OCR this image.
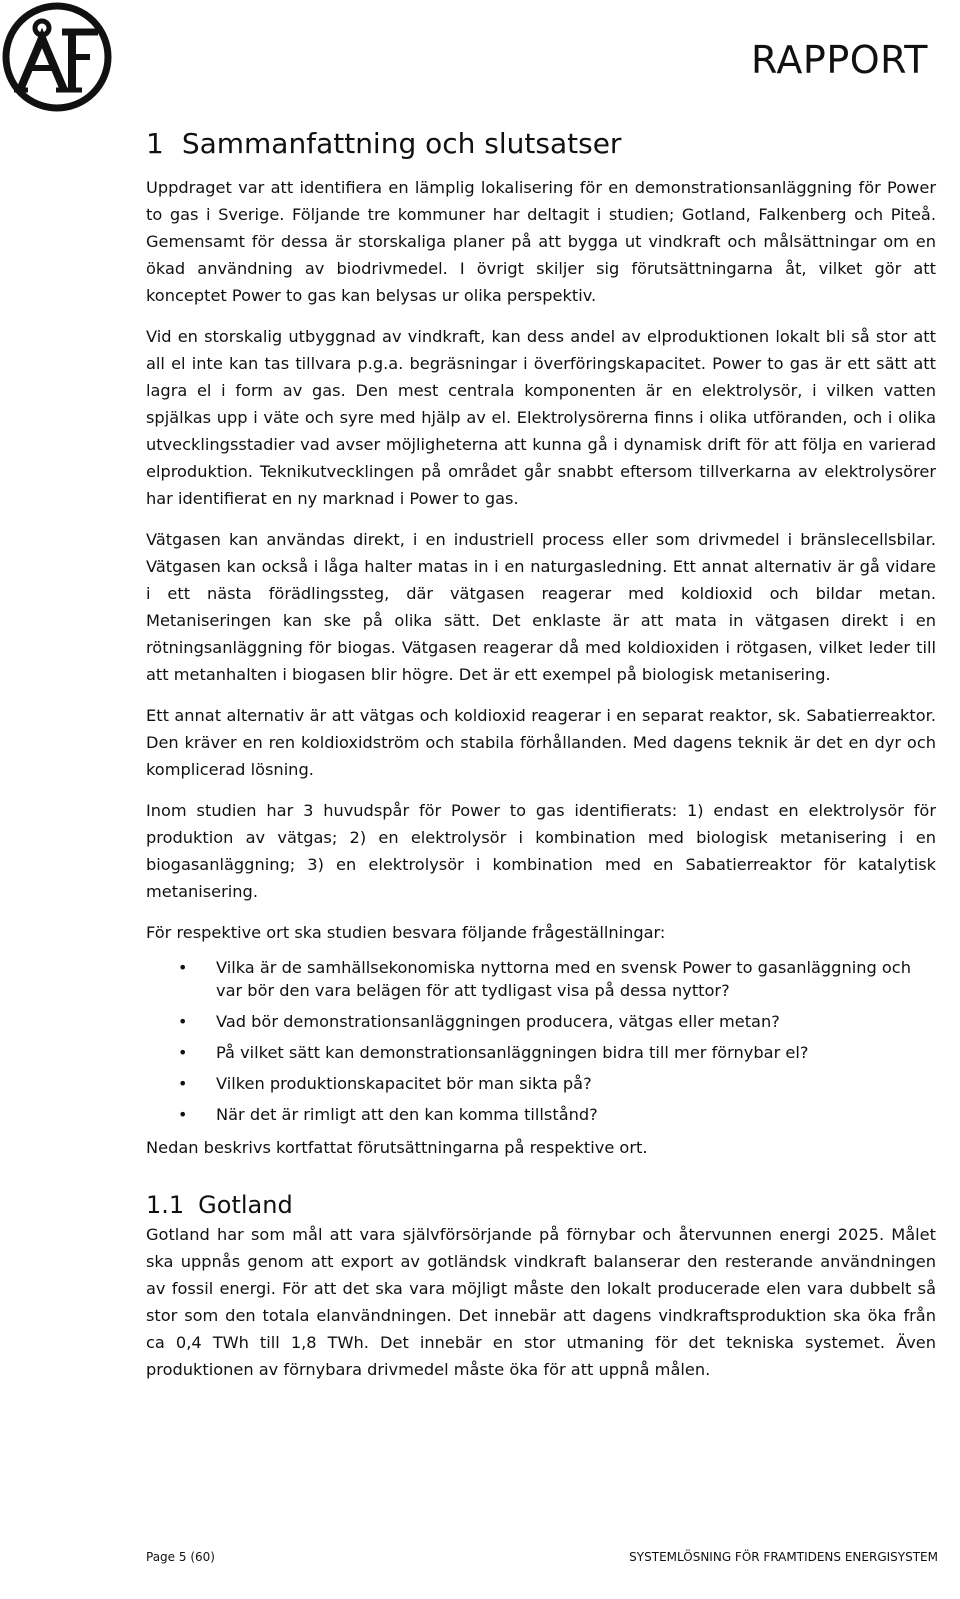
RAPPORT
1 Sammanfattning och slutsatser

Uppdraget var att identifiera en lämplig lokalisering för en demonstrationsanläggning för Power to gas i Sverige. Följande tre kommuner har deltagit i studien; Gotland, Falkenberg och Piteå. Gemensamt för dessa är storskaliga planer på att bygga ut vindkraft och målsättningar om en ökad användning av biodrivmedel. I övrigt skiljer sig förutsättningarna åt, vilket gör att konceptet Power to gas kan belysas ur olika perspektiv.

Vid en storskalig utbyggnad av vindkraft, kan dess andel av elproduktionen lokalt bli så stor att all el inte kan tas tillvara p.g.a. begräsningar i överföringskapacitet. Power to gas är ett sätt att lagra el i form av gas. Den mest centrala komponenten är en elektrolysör, i vilken vatten spjälkas upp i väte och syre med hjälp av el. Elektrolysörerna finns i olika utföranden, och i olika utvecklingsstadier vad avser möjligheterna att kunna gå i dynamisk drift för att följa en varierad elproduktion. Teknikutvecklingen på området går snabbt eftersom tillverkarna av elektrolysörer har identifierat en ny marknad i Power to gas.

Vätgasen kan användas direkt, i en industriell process eller som drivmedel i bränslecellsbilar. Vätgasen kan också i låga halter matas in i en naturgasledning. Ett annat alternativ är gå vidare i ett nästa förädlingssteg, där vätgasen reagerar med koldioxid och bildar metan. Metaniseringen kan ske på olika sätt. Det enklaste är att mata in vätgasen direkt i en rötningsanläggning för biogas. Vätgasen reagerar då med koldioxiden i rötgasen, vilket leder till att metanhalten i biogasen blir högre. Det är ett exempel på biologisk metanisering.

Ett annat alternativ är att vätgas och koldioxid reagerar i en separat reaktor, sk. Sabatierreaktor. Den kräver en ren koldioxidström och stabila förhållanden. Med dagens teknik är det en dyr och komplicerad lösning.

Inom studien har 3 huvudspår för Power to gas identifierats: 1) endast en elektrolysör för produktion av vätgas; 2) en elektrolysör i kombination med biologisk metanisering i en biogasanläggning; 3) en elektrolysör i kombination med en Sabatierreaktor för katalytisk metanisering.

För respektive ort ska studien besvara följande frågeställningar:

• Vilka är de samhällsekonomiska nyttorna med en svensk Power to gasanläggning och var bör den vara belägen för att tydligast visa på dessa nyttor?
• Vad bör demonstrationsanläggningen producera, vätgas eller metan?
• På vilket sätt kan demonstrationsanläggningen bidra till mer förnybar el?
• Vilken produktionskapacitet bör man sikta på?
• När det är rimligt att den kan komma tillstånd?

Nedan beskrivs kortfattat förutsättningarna på respektive ort.

1.1 Gotland

Gotland har som mål att vara självförsörjande på förnybar och återvunnen energi 2025. Målet ska uppnås genom att export av gotländsk vindkraft balanserar den resterande användningen av fossil energi. För att det ska vara möjligt måste den lokalt producerade elen vara dubbelt så stor som den totala elanvändningen. Det innebär att dagens vindkraftsproduktion ska öka från ca 0,4 TWh till 1,8 TWh. Det innebär en stor utmaning för det tekniska systemet. Även produktionen av förnybara drivmedel måste öka för att uppnå målen.

Page 5 (60)	SYSTEMLÖSNING FÖR FRAMTIDENS ENERGISYSTEM
